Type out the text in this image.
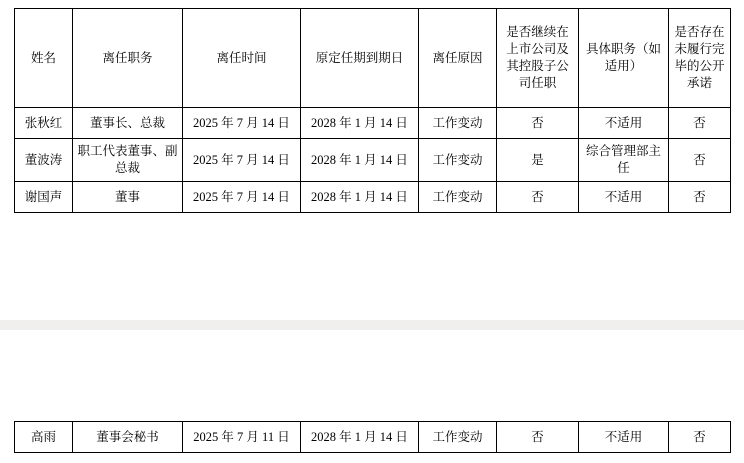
姓名	离任职务	离任时间	原定任期到期日	离任原因	是否继续在上市公司及其控股子公司任职	具体职务（如适用）	是否存在未履行完毕的公开承诺
张秋红	董事长、总裁	2025 年 7 月 14 日	2028 年 1 月 14 日	工作变动	否	不适用	否
董波涛	职工代表董事、副总裁	2025 年 7 月 14 日	2028 年 1 月 14 日	工作变动	是	综合管理部主任	否
谢国声	董事	2025 年 7 月 14 日	2028 年 1 月 14 日	工作变动	否	不适用	否
高雨	董事会秘书	2025 年 7 月 11 日	2028 年 1 月 14 日	工作变动	否	不适用	否
